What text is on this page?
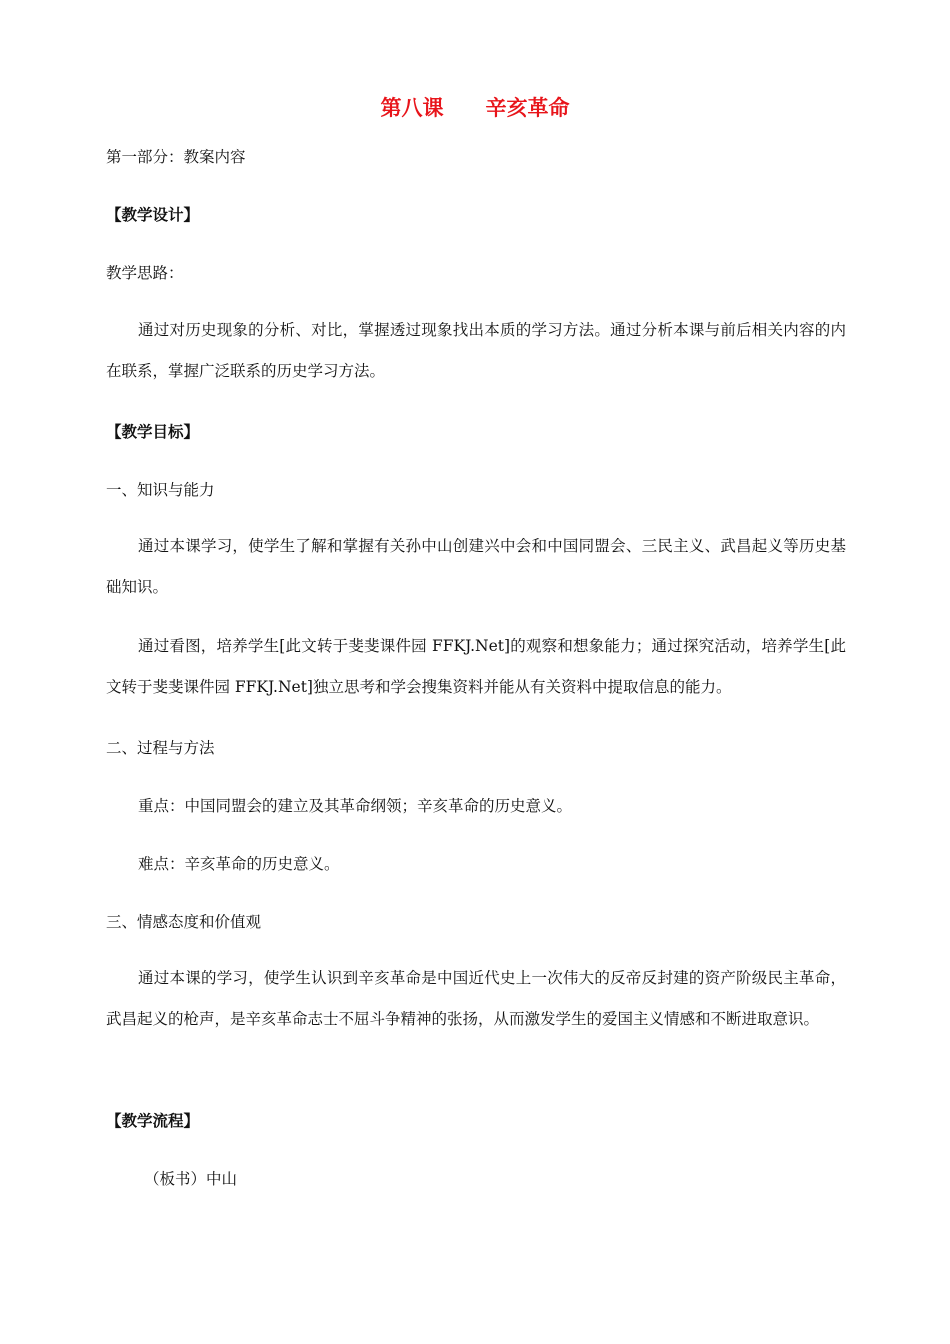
第八课　　辛亥革命
第一部分：教案内容
【教学设计】
教学思路：
通过对历史现象的分析、对比，掌握透过现象找出本质的学习方法。通过分析本课与前后相关内容的内在联系，掌握广泛联系的历史学习方法。
【教学目标】
一、知识与能力
通过本课学习，使学生了解和掌握有关孙中山创建兴中会和中国同盟会、三民主义、武昌起义等历史基础知识。
通过看图，培养学生[此文转于斐斐课件园 FFKJ.Net]的观察和想象能力；通过探究活动，培养学生[此文转于斐斐课件园 FFKJ.Net]独立思考和学会搜集资料并能从有关资料中提取信息的能力。
二、过程与方法
重点：中国同盟会的建立及其革命纲领；辛亥革命的历史意义。
难点：辛亥革命的历史意义。
三、情感态度和价值观
通过本课的学习，使学生认识到辛亥革命是中国近代史上一次伟大的反帝反封建的资产阶级民主革命，武昌起义的枪声，是辛亥革命志士不屈斗争精神的张扬，从而激发学生的爱国主义情感和不断进取意识。
【教学流程】
（板书）中山
